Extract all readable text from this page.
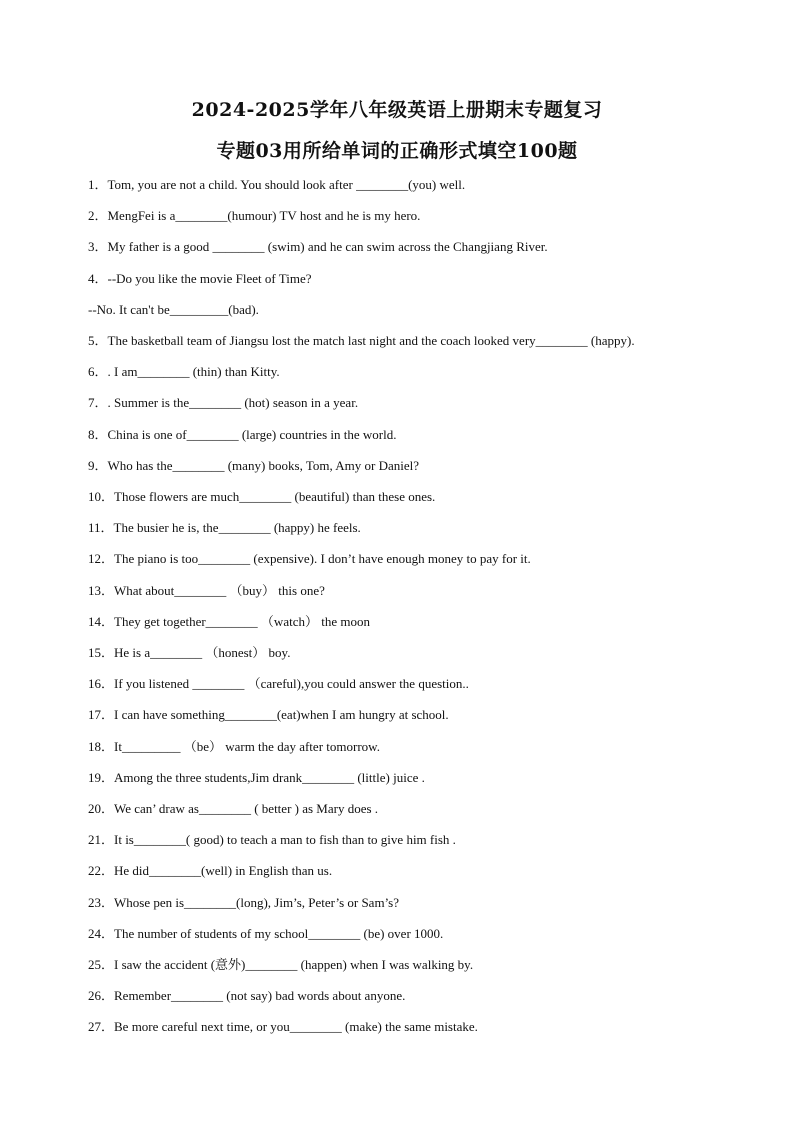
2024-2025学年八年级英语上册期末专题复习
专题03用所给单词的正确形式填空100题
1．Tom, you are not a child. You should look after ________(you) well.
2．MengFei is a________(humour) TV host and he is my hero.
3．My father is a good ________ (swim) and he can swim across the Changjiang River.
4．--Do you like the movie Fleet of Time?
--No. It can't be_________(bad).
5．The basketball team of Jiangsu lost the match last night and the coach looked very________ (happy).
6．. I am________ (thin) than Kitty.
7．. Summer is the________ (hot) season in a year.
8．China is one of________ (large) countries in the world.
9．Who has the________ (many) books, Tom, Amy or Daniel?
10．Those flowers are much________ (beautiful) than these ones.
11．The busier he is, the________ (happy) he feels.
12．The piano is too________ (expensive). I don’t have enough money to pay for it.
13．What about________ （buy） this one?
14．They get together________ （watch） the moon
15．He is a________ （honest） boy.
16．If you listened ________ （careful),you could answer the question..
17．I can have something________(eat)when I am hungry at school.
18．It_________ （be） warm the day after tomorrow.
19．Among the three students,Jim drank________ (little) juice .
20．We can’ draw as________ ( better ) as Mary does .
21．It is________( good) to teach a man to fish than to give him fish .
22．He did________(well) in English than us.
23．Whose pen is________(long), Jim’s, Peter’s or Sam’s?
24．The number of students of my school________ (be) over 1000.
25．I saw the accident (意外)________ (happen) when I was walking by.
26．Remember________ (not say) bad words about anyone.
27．Be more careful next time, or you________ (make) the same mistake.
